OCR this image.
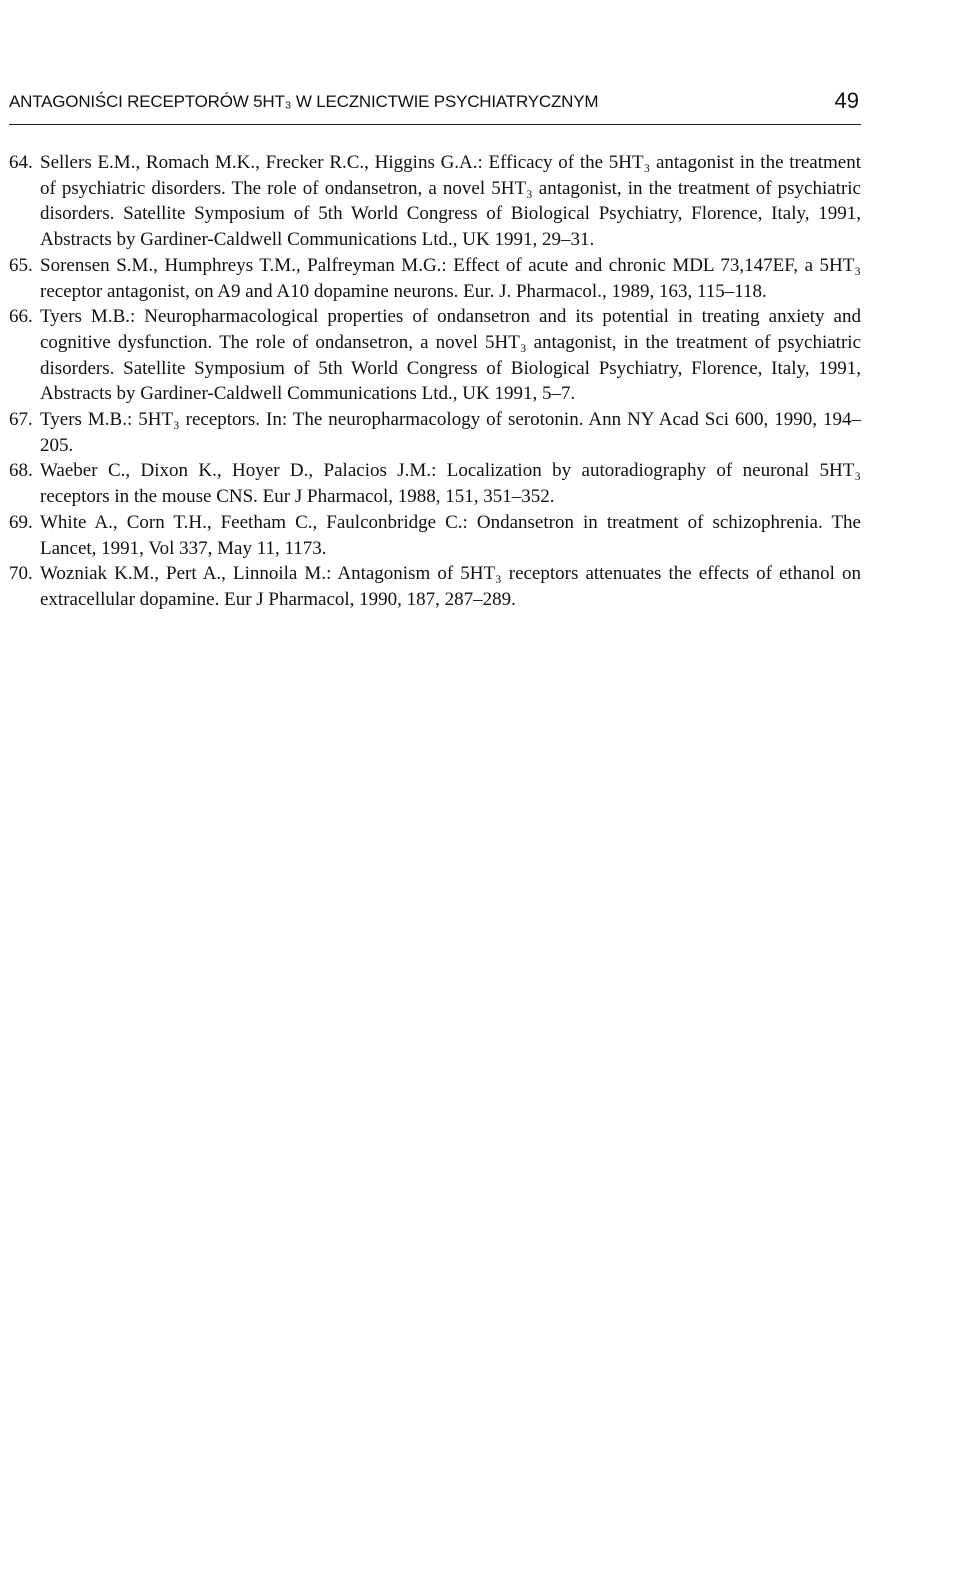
ANTAGONIŚCI RECEPTORÓW 5HT₃ W LECZNICTWIE PSYCHIATRYCZNYM	49
64. Sellers E.M., Romach M.K., Frecker R.C., Higgins G.A.: Efficacy of the 5HT₃ antagonist in the treatment of psychiatric disorders. The role of ondansetron, a novel 5HT₃ antagonist, in the treatment of psychiatric disorders. Satellite Symposium of 5th World Congress of Biological Psychiatry, Florence, Italy, 1991, Abstracts by Gardiner-Caldwell Communications Ltd., UK 1991, 29–31.
65. Sorensen S.M., Humphreys T.M., Palfreyman M.G.: Effect of acute and chronic MDL 73,147EF, a 5HT₃ receptor antagonist, on A9 and A10 dopamine neurons. Eur. J. Pharmacol., 1989, 163, 115–118.
66. Tyers M.B.: Neuropharmacological properties of ondansetron and its potential in treating anxiety and cognitive dysfunction. The role of ondansetron, a novel 5HT₃ antagonist, in the treatment of psychiatric disorders. Satellite Symposium of 5th World Congress of Biological Psychiatry, Florence, Italy, 1991, Abstracts by Gardiner-Caldwell Communications Ltd., UK 1991, 5–7.
67. Tyers M.B.: 5HT₃ receptors. In: The neuropharmacology of serotonin. Ann NY Acad Sci 600, 1990, 194–205.
68. Waeber C., Dixon K., Hoyer D., Palacios J.M.: Localization by autoradiography of neuronal 5HT₃ receptors in the mouse CNS. Eur J Pharmacol, 1988, 151, 351–352.
69. White A., Corn T.H., Feetham C., Faulconbridge C.: Ondansetron in treatment of schizophrenia. The Lancet, 1991, Vol 337, May 11, 1173.
70. Wozniak K.M., Pert A., Linnoila M.: Antagonism of 5HT₃ receptors attenuates the effects of ethanol on extracellular dopamine. Eur J Pharmacol, 1990, 187, 287–289.
